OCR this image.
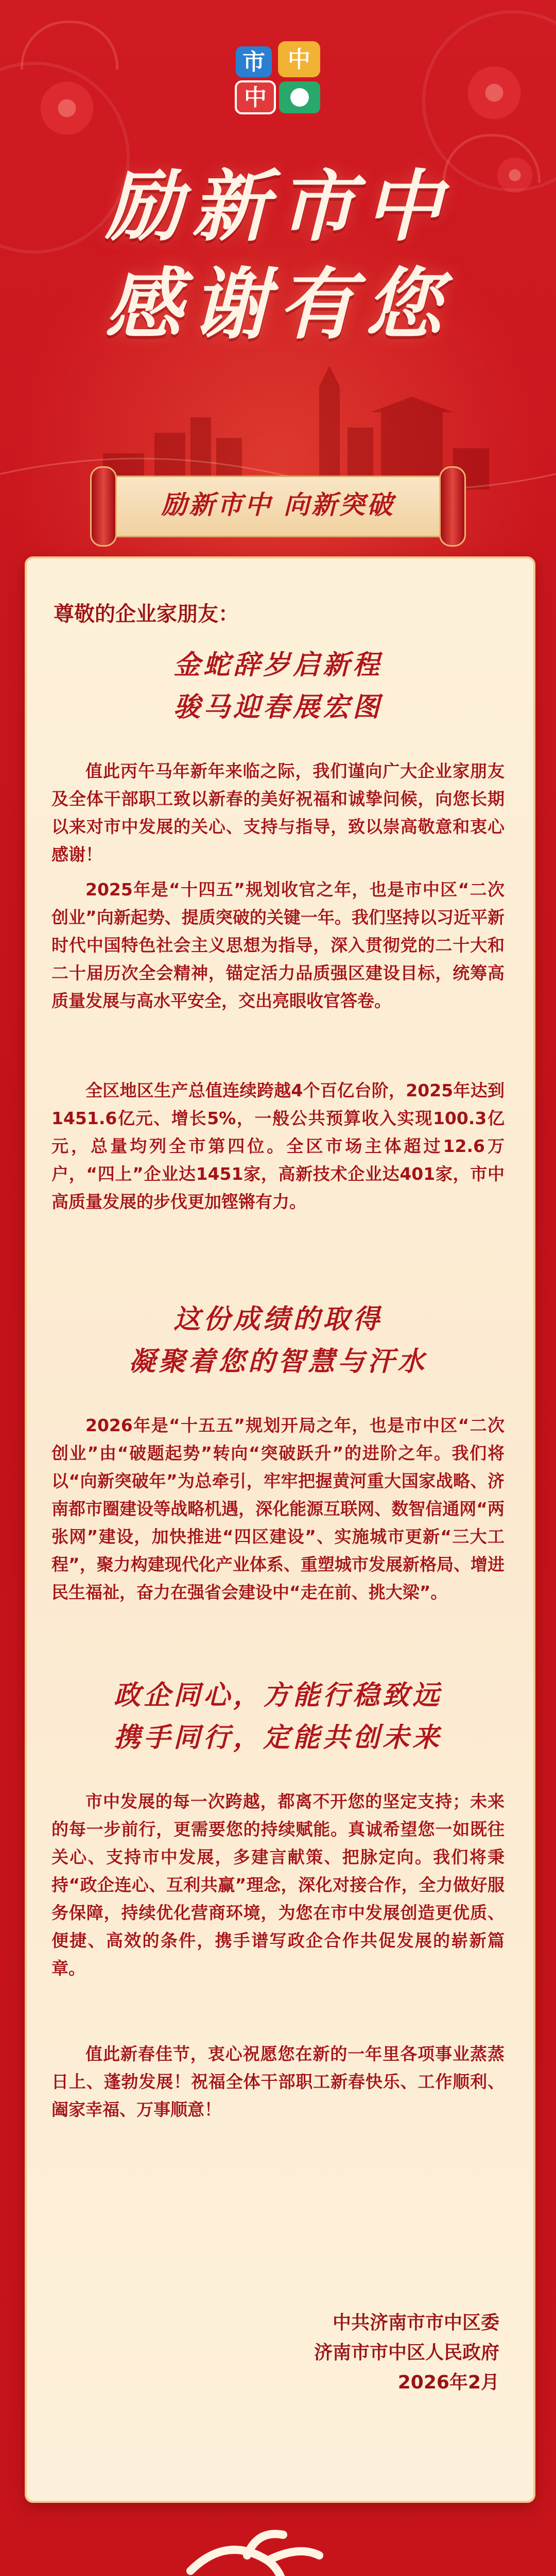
市 中
中
励新市中
感谢有您
励新市中 向新突破
尊敬的企业家朋友：
金蛇辞岁启新程
骏马迎春展宏图

值此丙午马年新年来临之际，我们谨向广大企业家朋友及全体干部职工致以新春的美好祝福和诚挚问候，向您长期以来对市中发展的关心、支持与指导，致以崇高敬意和衷心感谢！

2025年是“十四五”规划收官之年，也是市中区“二次创业”向新起势、提质突破的关键一年。我们坚持以习近平新时代中国特色社会主义思想为指导，深入贯彻党的二十大和二十届历次全会精神，锚定活力品质强区建设目标，统筹高质量发展与高水平安全，交出亮眼收官答卷。

全区地区生产总值连续跨越4个百亿台阶，2025年达到1451.6亿元、增长5%，一般公共预算收入实现100.3亿元，总量均列全市第四位。全区市场主体超过12.6万户，“四上”企业达1451家，高新技术企业达401家，市中高质量发展的步伐更加铿锵有力。

这份成绩的取得
凝聚着您的智慧与汗水

2026年是“十五五”规划开局之年，也是市中区“二次创业”由“破题起势”转向“突破跃升”的进阶之年。我们将以“向新突破年”为总牵引，牢牢把握黄河重大国家战略、济南都市圈建设等战略机遇，深化能源互联网、数智信通网“两张网”建设，加快推进“四区建设”、实施城市更新“三大工程”，聚力构建现代化产业体系、重塑城市发展新格局、增进民生福祉，奋力在强省会建设中“走在前、挑大梁”。

政企同心，方能行稳致远
携手同行，定能共创未来

市中发展的每一次跨越，都离不开您的坚定支持；未来的每一步前行，更需要您的持续赋能。真诚希望您一如既往关心、支持市中发展，多建言献策、把脉定向。我们将秉持“政企连心、互利共赢”理念，深化对接合作，全力做好服务保障，持续优化营商环境，为您在市中发展创造更优质、便捷、高效的条件，携手谱写政企合作共促发展的崭新篇章。

值此新春佳节，衷心祝愿您在新的一年里各项事业蒸蒸日上、蓬勃发展！祝福全体干部职工新春快乐、工作顺利、阖家幸福、万事顺意！

中共济南市市中区委
济南市市中区人民政府
2026年2月
